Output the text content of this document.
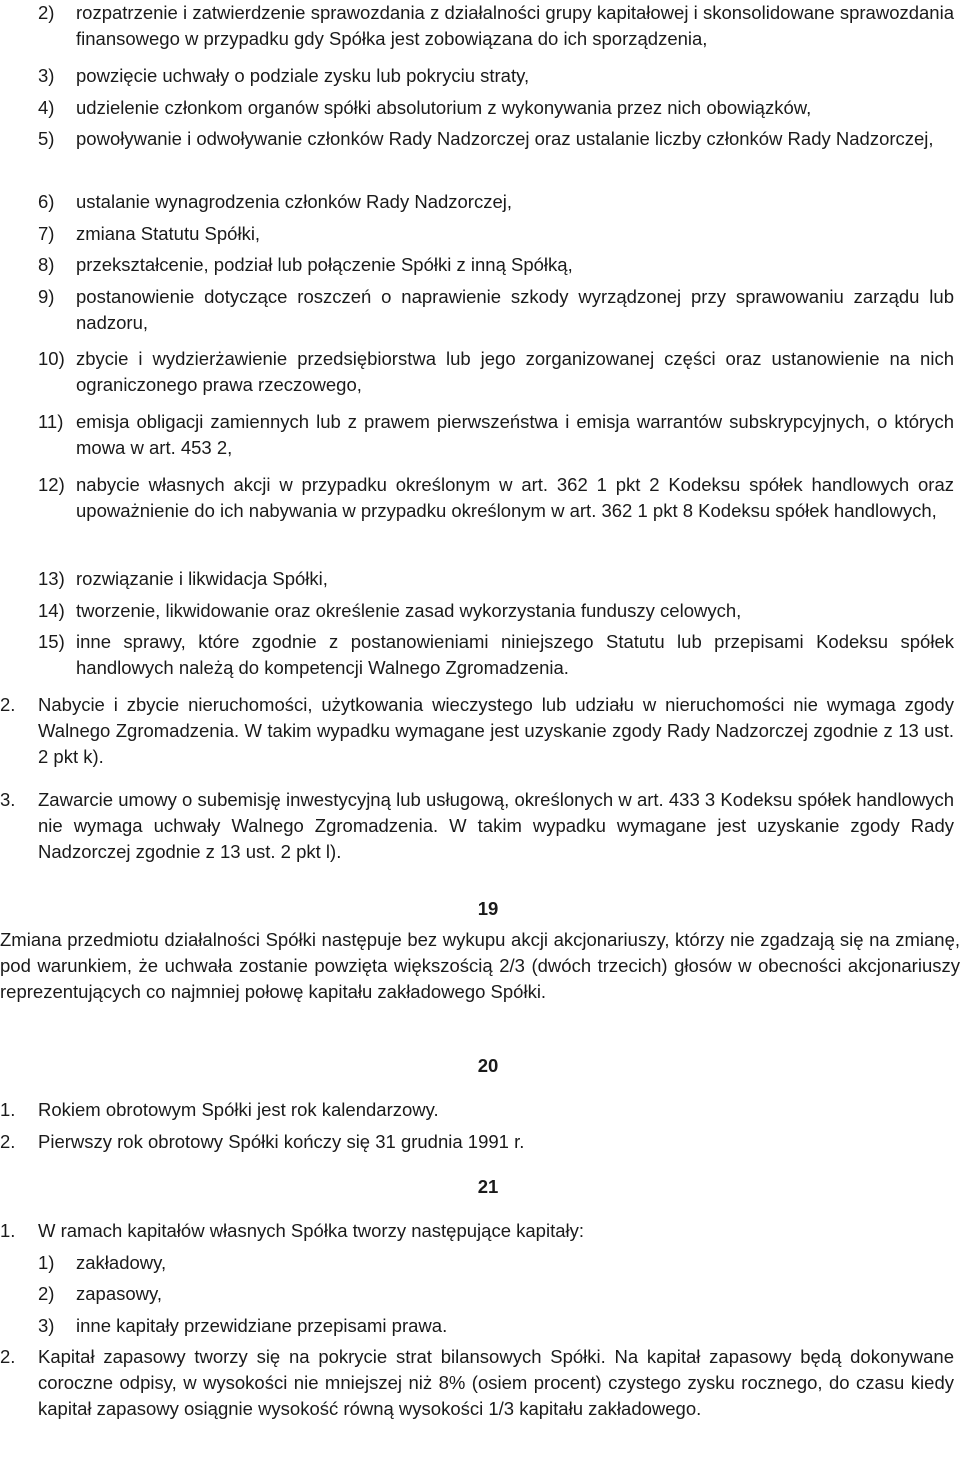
2)	rozpatrzenie i zatwierdzenie sprawozdania z działalności grupy kapitałowej i skonsolidowane sprawozdania finansowego w przypadku gdy Spółka jest zobowiązana do ich sporządzenia,
3)	powzięcie uchwały o podziale zysku lub pokryciu straty,
4)	udzielenie członkom organów spółki absolutorium z wykonywania przez nich obowiązków,
5)	powoływanie i odwoływanie członków Rady Nadzorczej oraz ustalanie liczby członków Rady Nadzorczej,
6)	ustalanie wynagrodzenia członków Rady Nadzorczej,
7)	zmiana Statutu Spółki,
8)	przekształcenie, podział lub połączenie Spółki z inną Spółką,
9)	postanowienie dotyczące roszczeń o naprawienie szkody wyrządzonej przy sprawowaniu zarządu lub nadzoru,
10) zbycie i wydzierżawienie przedsiębiorstwa lub jego zorganizowanej części oraz ustanowienie na nich ograniczonego prawa rzeczowego,
11) emisja obligacji zamiennych lub z prawem pierwszeństwa i emisja warrantów subskrypcyjnych, o których mowa w art. 453 2,
12) nabycie własnych akcji w przypadku określonym w art. 362 1 pkt 2 Kodeksu spółek handlowych oraz upoważnienie do ich nabywania w przypadku określonym w art. 362 1 pkt 8 Kodeksu spółek handlowych,
13) rozwiązanie i likwidacja Spółki,
14) tworzenie, likwidowanie oraz określenie zasad wykorzystania funduszy celowych,
15) inne sprawy, które zgodnie z postanowieniami niniejszego Statutu lub przepisami Kodeksu spółek handlowych należą do kompetencji Walnego Zgromadzenia.
2.	Nabycie i zbycie nieruchomości, użytkowania wieczystego lub udziału w nieruchomości nie wymaga zgody Walnego Zgromadzenia. W takim wypadku wymagane jest uzyskanie zgody Rady Nadzorczej zgodnie z 13 ust. 2 pkt k).
3.	Zawarcie umowy o subemisję inwestycyjną lub usługową, określonych w art. 433 3 Kodeksu spółek handlowych nie wymaga uchwały Walnego Zgromadzenia. W takim wypadku wymagane jest uzyskanie zgody Rady Nadzorczej zgodnie z 13 ust. 2 pkt l).
19
Zmiana przedmiotu działalności Spółki następuje bez wykupu akcji akcjonariuszy, którzy nie zgadzają się na zmianę, pod warunkiem, że uchwała zostanie powzięta większością 2/3 (dwóch trzecich) głosów w obecności akcjonariuszy reprezentujących co najmniej połowę kapitału zakładowego Spółki.
20
1.	Rokiem obrotowym Spółki jest rok kalendarzowy.
2.	Pierwszy rok obrotowy Spółki kończy się 31 grudnia 1991 r.
21
1.	W ramach kapitałów własnych Spółka tworzy następujące kapitały:
1)	zakładowy,
2)	zapasowy,
3)	inne kapitały przewidziane przepisami prawa.
2.	Kapitał zapasowy tworzy się na pokrycie strat bilansowych Spółki. Na kapitał zapasowy będą dokonywane coroczne odpisy, w wysokości nie mniejszej niż 8% (osiem procent) czystego zysku rocznego, do czasu kiedy kapitał zapasowy osiągnie wysokość równą wysokości 1/3 kapitału zakładowego.
